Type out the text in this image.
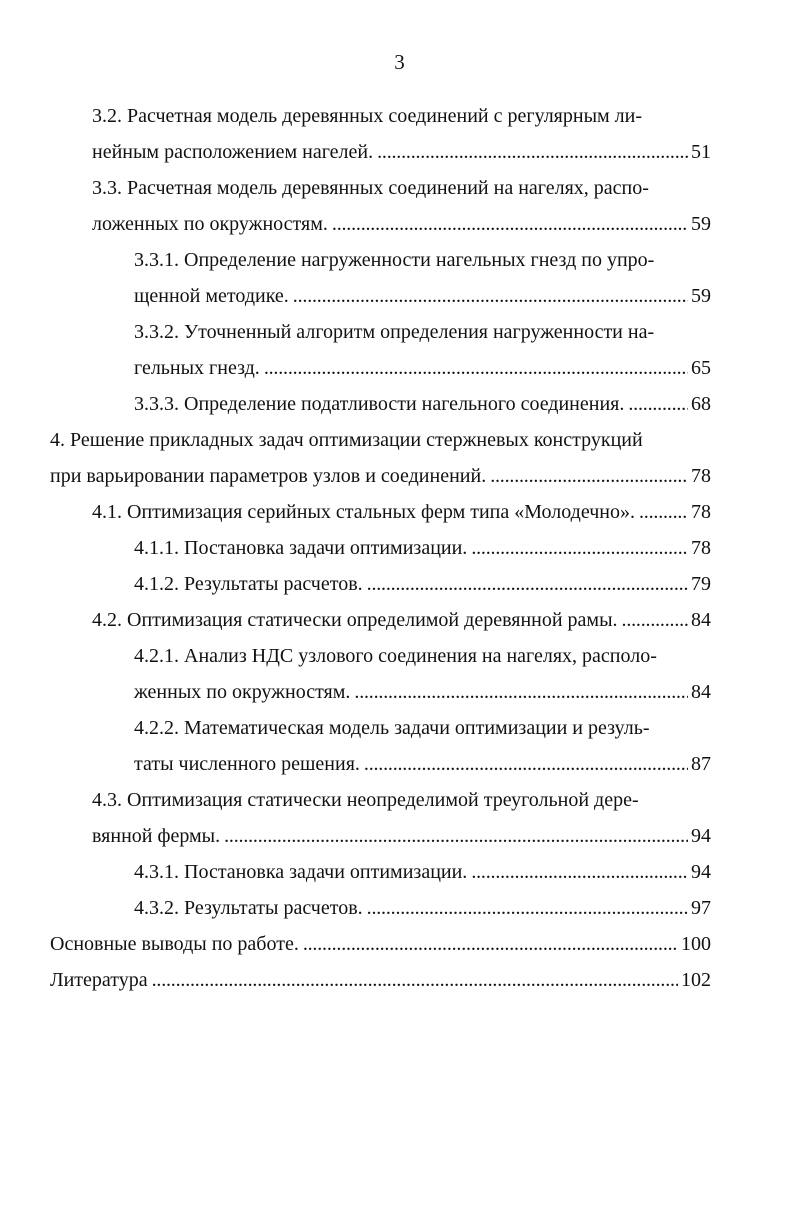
3
3.2. Расчетная модель деревянных соединений с регулярным ли-
нейным расположением нагелей. . . .	51
3.3. Расчетная модель деревянных соединений на нагелях, распо-
ложенных по окружностям. . . .	59
3.3.1. Определение нагруженности нагельных гнезд по упро-
щенной методике. . . .	59
3.3.2. Уточненный алгоритм определения нагруженности на-
гельных гнезд. . . .	65
3.3.3. Определение податливости нагельного соединения. . . .	68
4. Решение прикладных задач оптимизации стержневых конструкций
при варьировании параметров узлов и соединений. . . .	78
4.1. Оптимизация серийных стальных ферм типа «Молодечно». . . .	78
4.1.1. Постановка задачи оптимизации. . . .	78
4.1.2. Результаты расчетов. . . .	79
4.2. Оптимизация статически определимой деревянной рамы. . . .	84
4.2.1. Анализ НДС узлового соединения на нагелях, располо-
женных по окружностям. . . .	84
4.2.2. Математическая модель задачи оптимизации и резуль-
таты численного решения. . . .	87
4.3. Оптимизация статически неопределимой треугольной дере-
вянной фермы. . . .	94
4.3.1. Постановка задачи оптимизации. . . .	94
4.3.2. Результаты расчетов. . . .	97
Основные выводы по работе. . . .	100
Литература . . .	102
